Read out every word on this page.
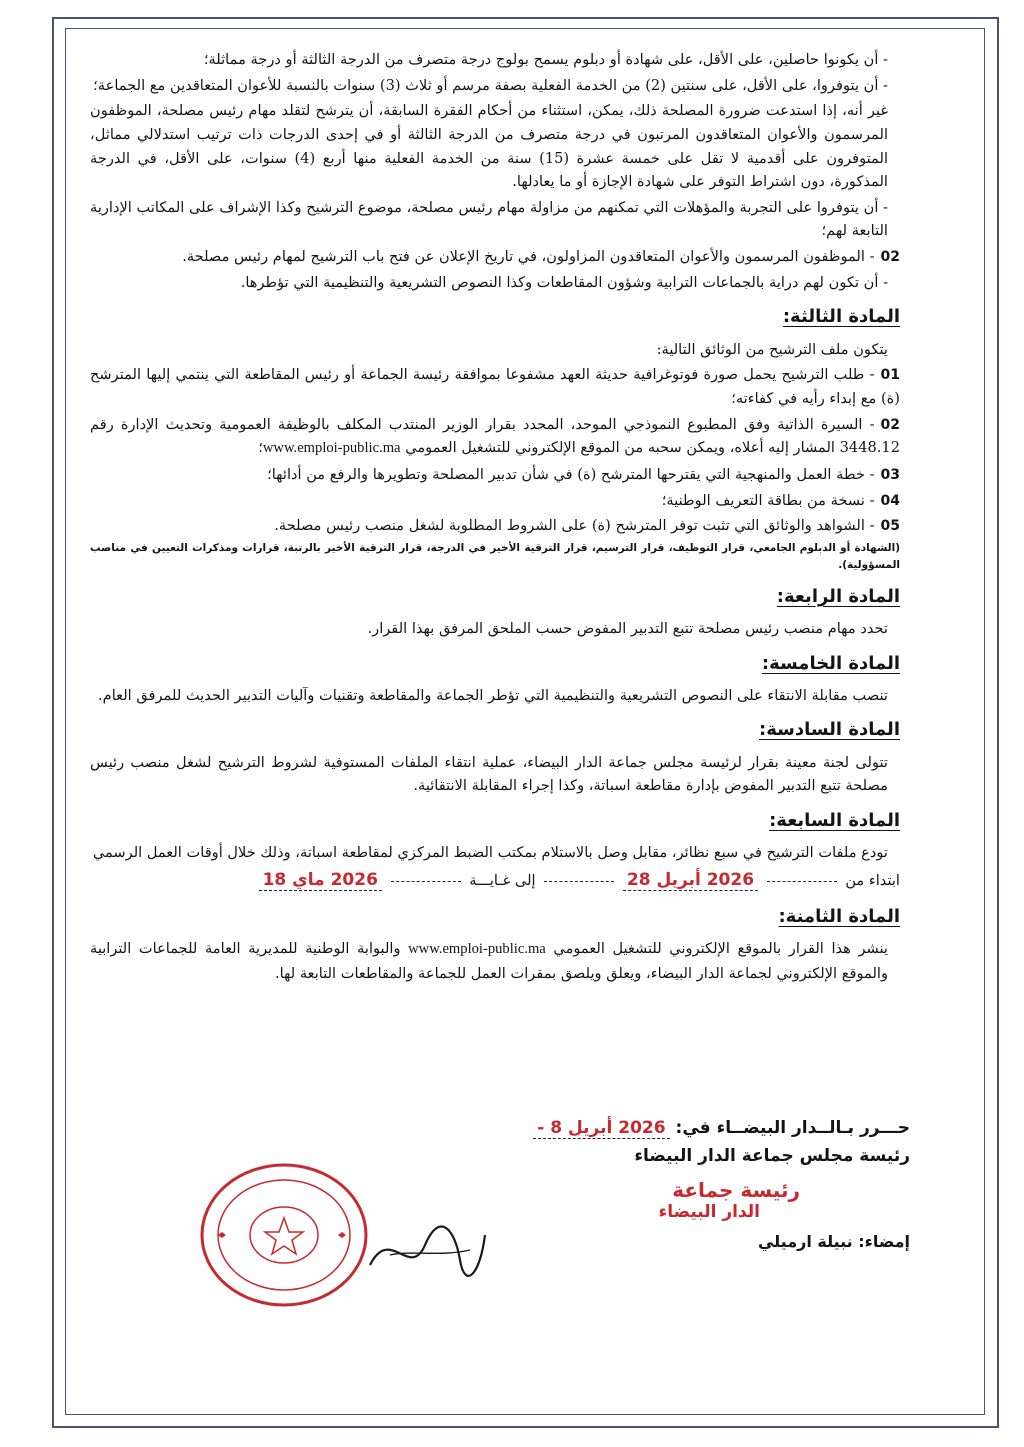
- أن يكونوا حاصلين، على الأقل، على شهادة أو دبلوم يسمح بولوج درجة متصرف من الدرجة الثالثة أو درجة مماثلة؛

- أن يتوفروا، على الأقل، على سنتين (2) من الخدمة الفعلية بصفة مرسم أو ثلاث (3) سنوات بالنسبة للأعوان المتعاقدين مع الجماعة؛

غير أنه، إذا استدعت ضرورة المصلحة ذلك، يمكن، استثناء من أحكام الفقرة السابقة، أن يترشح لتقلد مهام رئيس مصلحة، الموظفون المرسمون والأعوان المتعاقدون المرتبون في درجة متصرف من الدرجة الثالثة أو في إحدى الدرجات ذات ترتيب استدلالي مماثل، المتوفرون على أقدمية لا تقل على خمسة عشرة (15) سنة من الخدمة الفعلية منها أربع (4) سنوات، على الأقل، في الدرجة المذكورة، دون اشتراط التوفر على شهادة الإجازة أو ما يعادلها.

- أن يتوفروا على التجربة والمؤهلات التي تمكنهم من مزاولة مهام رئيس مصلحة، موضوع الترشيح وكذا الإشراف على المكاتب الإدارية التابعة لهم؛

02- الموظفون المرسمون والأعوان المتعاقدون المزاولون، في تاريخ الإعلان عن فتح باب الترشيح لمهام رئيس مصلحة.

- أن تكون لهم دراية بالجماعات الترابية وشؤون المقاطعات وكذا النصوص التشريعية والتنظيمية التي تؤطرها.

المادة الثالثة:

يتكون ملف الترشيح من الوثائق التالية:

01- طلب الترشيح يحمل صورة فوتوغرافية حديثة العهد مشفوعا بموافقة رئيسة الجماعة أو رئيس المقاطعة التي ينتمي إليها المترشح (ة) مع إبداء رأيه في كفاءته؛

02- السيرة الذاتية وفق المطبوع النموذجي الموحد، المحدد بقرار الوزير المنتدب المكلف بالوظيفة العمومية وتحديث الإدارة رقم 3448.12 المشار إليه أعلاه، ويمكن سحبه من الموقع الإلكتروني للتشغيل العمومي www.emploi-public.ma؛

03- خطة العمل والمنهجية التي يقترحها المترشح (ة) في شأن تدبير المصلحة وتطويرها والرفع من أدائها؛

04- نسخة من بطاقة التعريف الوطنية؛

05- الشواهد والوثائق التي تثبت توفر المترشح (ة) على الشروط المطلوبة لشغل منصب رئيس مصلحة.

(الشهادة أو الدبلوم الجامعي، قرار التوظيف، قرار الترسيم، قرار الترقية الأخير في الدرجة، قرار الترقية الأخير بالرتبة، قرارات ومذكرات التعيين في مناصب المسؤولية).

المادة الرابعة:

تحدد مهام منصب رئيس مصلحة تتبع التدبير المفوض حسب الملحق المرفق بهذا القرار.

المادة الخامسة:

تنصب مقابلة الانتقاء على النصوص التشريعية والتنظيمية التي تؤطر الجماعة والمقاطعة وتقنيات وآليات التدبير الحديث للمرفق العام.

المادة السادسة:

تتولى لجنة معينة بقرار لرئيسة مجلس جماعة الدار البيضاء، عملية انتقاء الملفات المستوفية لشروط الترشيح لشغل منصب رئيس مصلحة تتبع التدبير المفوض بإدارة مقاطعة اسباتة، وكذا إجراء المقابلة الانتقائية.

المادة السابعة:

تودع ملفات الترشيح في سبع نظائر، مقابل وصل بالاستلام بمكتب الضبط المركزي لمقاطعة اسباتة، وذلك خلال أوقات العمل الرسمي

ابتداء من  2026 أبريل 28  إلى غـايـــة  2026 ماي 18

المادة الثامنة:

ينشر هذا القرار بالموقع الإلكتروني للتشغيل العمومي www.emploi-public.ma والبوابة الوطنية للمديرية العامة للجماعات الترابية والموقع الإلكتروني لجماعة الدار البيضاء، ويعلق ويلصق بمقرات العمل للجماعة والمقاطعات التابعة لها.

حـــرر بـالــدار البيضــاء في: 2026 أبريل 8 -
رئيسة مجلس جماعة الدار البيضاء
رئيسة جماعة
الدار البيضاء
إمضاء: نبيلة ارميلي
